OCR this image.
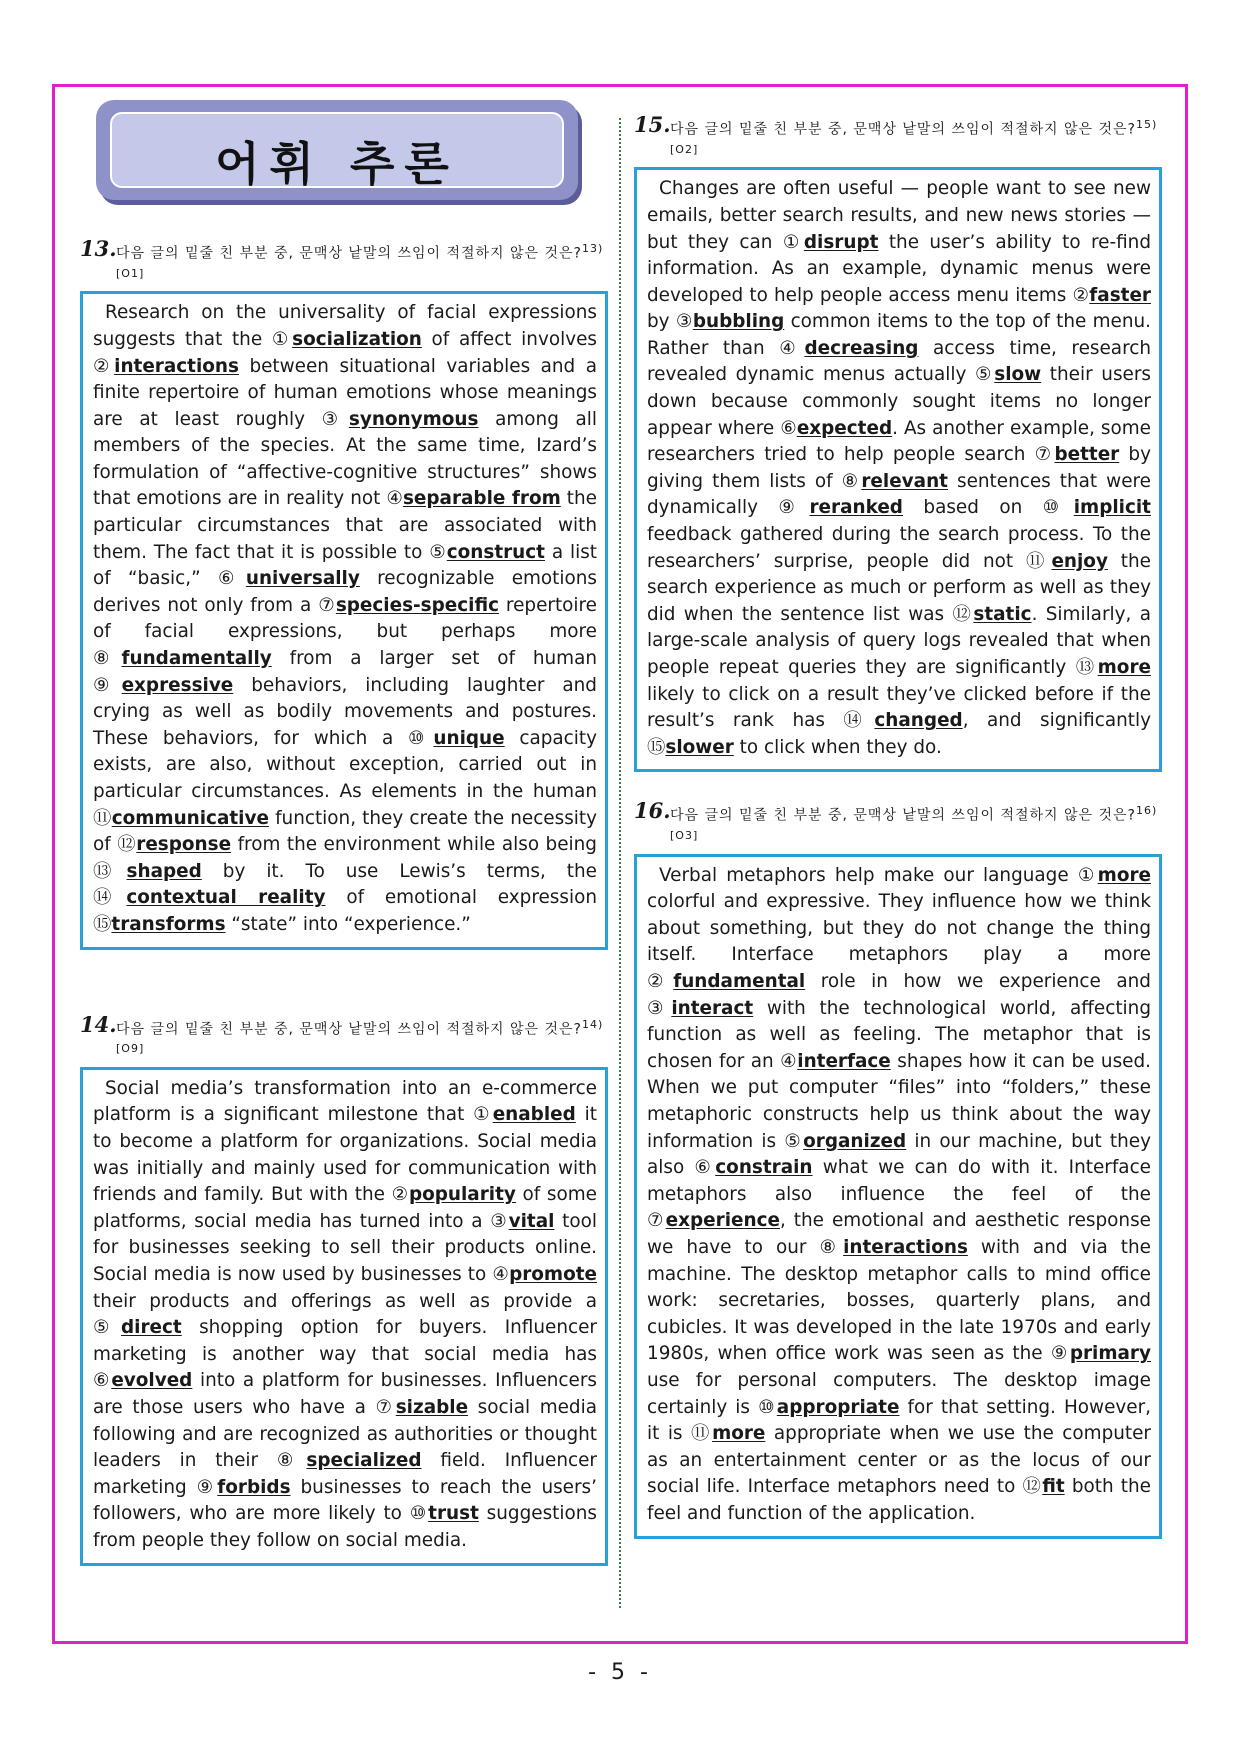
어휘 추론
13. 다음 글의 밑줄 친 부분 중, 문맥상 낱말의 쓰임이 적절하지 않은 것은?$^{13)[O1]}$
Research on the universality of facial expressions suggests that the ①socialization of affect involves ②interactions between situational variables and a finite repertoire of human emotions whose meanings are at least roughly ③synonymous among all members of the species. At the same time, Izard’s formulation of “affective-cognitive structures” shows that emotions are in reality not ④separable from the particular circumstances that are associated with them. The fact that it is possible to ⑤construct a list of “basic,” ⑥universally recognizable emotions derives not only from a ⑦species-specific repertoire of facial expressions, but perhaps more ⑧fundamentally from a larger set of human ⑨expressive behaviors, including laughter and crying as well as bodily movements and postures. These behaviors, for which a ⑩unique capacity exists, are also, without exception, carried out in particular circumstances. As elements in the human ⑪communicative function, they create the necessity of ⑫response from the environment while also being ⑬shaped by it. To use Lewis’s terms, the ⑭contextual reality of emotional expression ⑮transforms “state” into “experience.”
14. 다음 글의 밑줄 친 부분 중, 문맥상 낱말의 쓰임이 적절하지 않은 것은?$^{14)[O9]}$
Social media’s transformation into an e-commerce platform is a significant milestone that ①enabled it to become a platform for organizations. Social media was initially and mainly used for communication with friends and family. But with the ②popularity of some platforms, social media has turned into a ③vital tool for businesses seeking to sell their products online. Social media is now used by businesses to ④promote their products and offerings as well as provide a ⑤direct shopping option for buyers. Influencer marketing is another way that social media has ⑥evolved into a platform for businesses. Influencers are those users who have a ⑦sizable social media following and are recognized as authorities or thought leaders in their ⑧specialized field. Influencer marketing ⑨forbids businesses to reach the users’ followers, who are more likely to ⑩trust suggestions from people they follow on social media.
15. 다음 글의 밑줄 친 부분 중, 문맥상 낱말의 쓰임이 적절하지 않은 것은?$^{15)[O2]}$
Changes are often useful — people want to see new emails, better search results, and new news stories — but they can ①disrupt the user’s ability to re-find information. As an example, dynamic menus were developed to help people access menu items ②faster by ③bubbling common items to the top of the menu. Rather than ④decreasing access time, research revealed dynamic menus actually ⑤slow their users down because commonly sought items no longer appear where ⑥expected. As another example, some researchers tried to help people search ⑦better by giving them lists of ⑧relevant sentences that were dynamically ⑨reranked based on ⑩implicit feedback gathered during the search process. To the researchers’ surprise, people did not ⑪enjoy the search experience as much or perform as well as they did when the sentence list was ⑫static. Similarly, a large-scale analysis of query logs revealed that when people repeat queries they are significantly ⑬more likely to click on a result they’ve clicked before if the result’s rank has ⑭changed, and significantly ⑮slower to click when they do.
16. 다음 글의 밑줄 친 부분 중, 문맥상 낱말의 쓰임이 적절하지 않은 것은?$^{16)[O3]}$
Verbal metaphors help make our language ①more colorful and expressive. They influence how we think about something, but they do not change the thing itself. Interface metaphors play a more ②fundamental role in how we experience and ③interact with the technological world, affecting function as well as feeling. The metaphor that is chosen for an ④interface shapes how it can be used. When we put computer “files” into “folders,” these metaphoric constructs help us think about the way information is ⑤organized in our machine, but they also ⑥constrain what we can do with it. Interface metaphors also influence the feel of the ⑦experience, the emotional and aesthetic response we have to our ⑧interactions with and via the machine. The desktop metaphor calls to mind office work: secretaries, bosses, quarterly plans, and cubicles. It was developed in the late 1970s and early 1980s, when office work was seen as the ⑨primary use for personal computers. The desktop image certainly is ⑩appropriate for that setting. However, it is ⑪more appropriate when we use the computer as an entertainment center or as the locus of our social life. Interface metaphors need to ⑫fit both the feel and function of the application.
- 5 -
